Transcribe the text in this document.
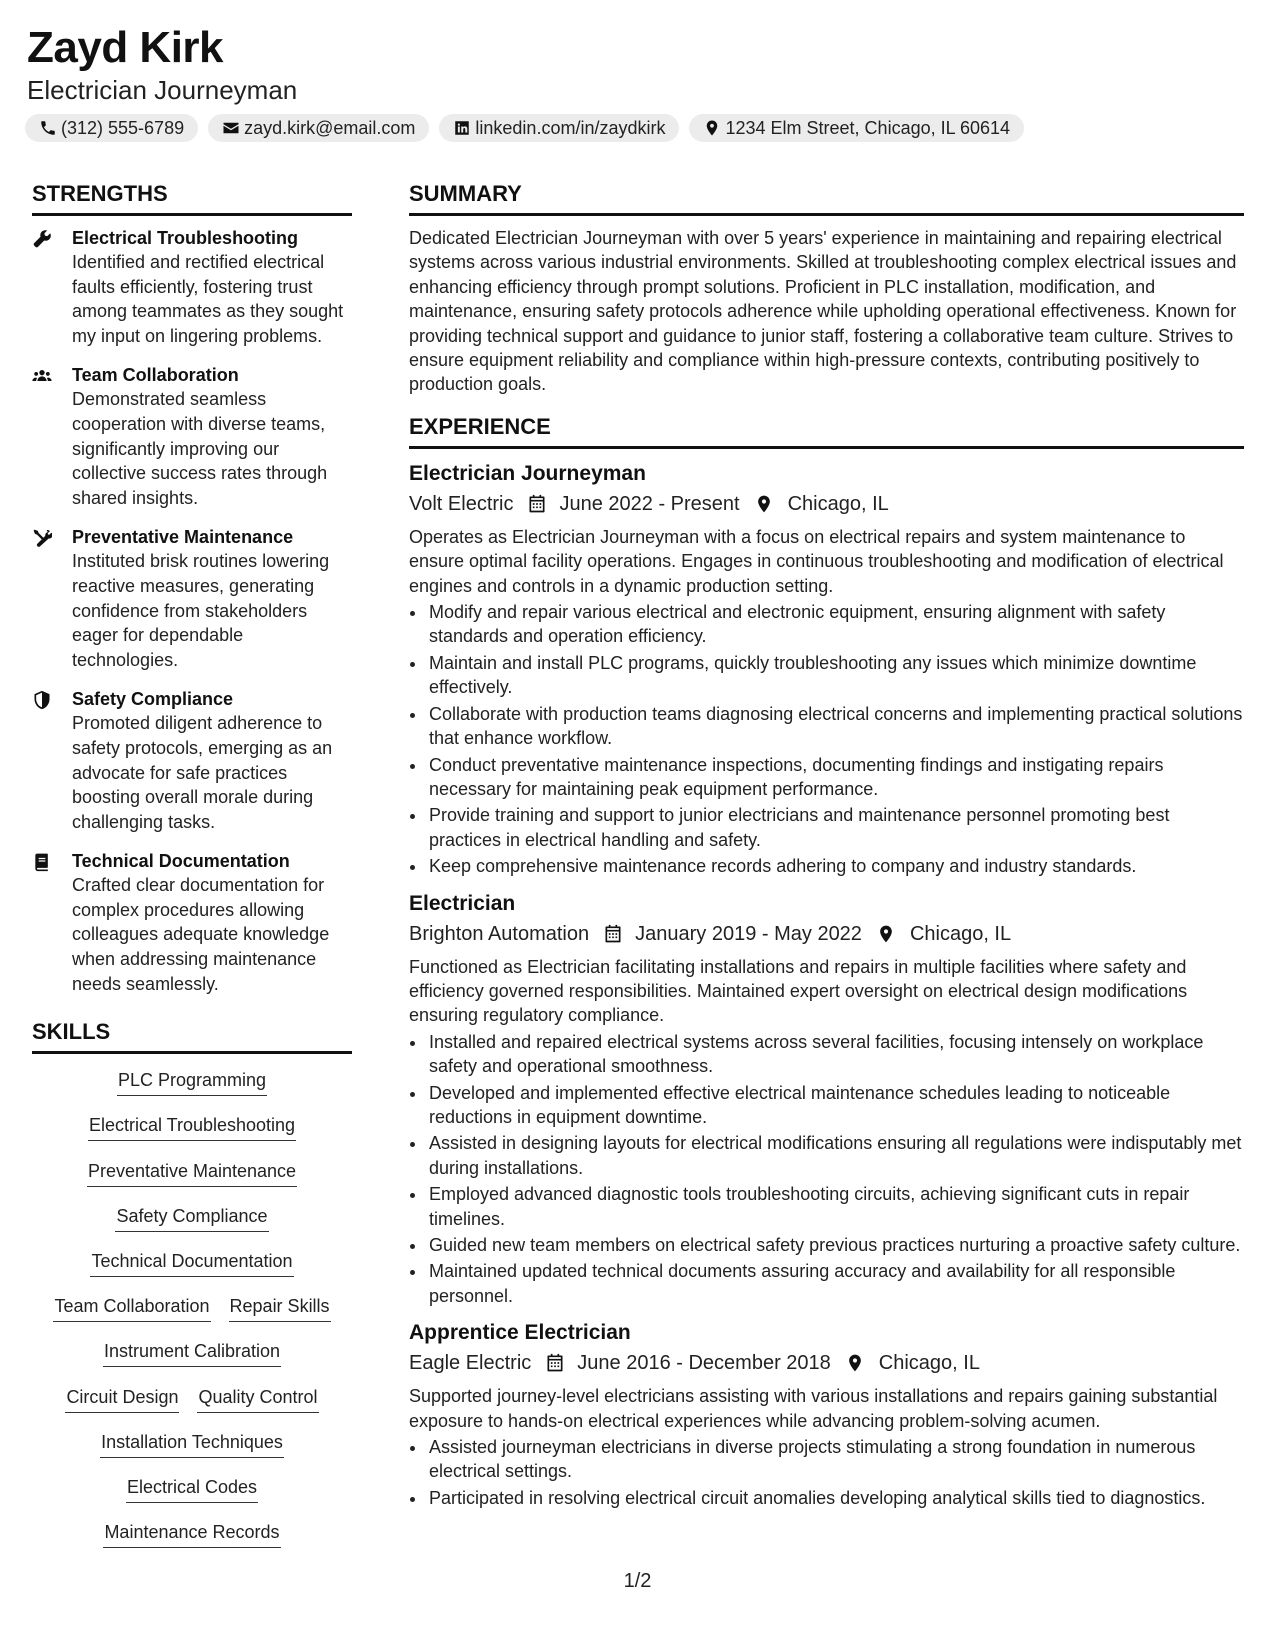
Zayd Kirk
Electrician Journeyman
(312) 555-6789	zayd.kirk@email.com	linkedin.com/in/zaydkirk	1234 Elm Street, Chicago, IL 60614
STRENGTHS
Electrical Troubleshooting
Identified and rectified electrical faults efficiently, fostering trust among teammates as they sought my input on lingering problems.
Team Collaboration
Demonstrated seamless cooperation with diverse teams, significantly improving our collective success rates through shared insights.
Preventative Maintenance
Instituted brisk routines lowering reactive measures, generating confidence from stakeholders eager for dependable technologies.
Safety Compliance
Promoted diligent adherence to safety protocols, emerging as an advocate for safe practices boosting overall morale during challenging tasks.
Technical Documentation
Crafted clear documentation for complex procedures allowing colleagues adequate knowledge when addressing maintenance needs seamlessly.
SKILLS
PLC Programming
Electrical Troubleshooting
Preventative Maintenance
Safety Compliance
Technical Documentation
Team Collaboration Repair Skills
Instrument Calibration
Circuit Design Quality Control
Installation Techniques
Electrical Codes
Maintenance Records
SUMMARY
Dedicated Electrician Journeyman with over 5 years' experience in maintaining and repairing electrical systems across various industrial environments. Skilled at troubleshooting complex electrical issues and enhancing efficiency through prompt solutions. Proficient in PLC installation, modification, and maintenance, ensuring safety protocols adherence while upholding operational effectiveness. Known for providing technical support and guidance to junior staff, fostering a collaborative team culture. Strives to ensure equipment reliability and compliance within high-pressure contexts, contributing positively to production goals.
EXPERIENCE
Electrician Journeyman
Volt Electric June 2022 - Present Chicago, IL
Operates as Electrician Journeyman with a focus on electrical repairs and system maintenance to ensure optimal facility operations. Engages in continuous troubleshooting and modification of electrical engines and controls in a dynamic production setting.
• Modify and repair various electrical and electronic equipment, ensuring alignment with safety standards and operation efficiency.
• Maintain and install PLC programs, quickly troubleshooting any issues which minimize downtime effectively.
• Collaborate with production teams diagnosing electrical concerns and implementing practical solutions that enhance workflow.
• Conduct preventative maintenance inspections, documenting findings and instigating repairs necessary for maintaining peak equipment performance.
• Provide training and support to junior electricians and maintenance personnel promoting best practices in electrical handling and safety.
• Keep comprehensive maintenance records adhering to company and industry standards.
Electrician
Brighton Automation January 2019 - May 2022 Chicago, IL
Functioned as Electrician facilitating installations and repairs in multiple facilities where safety and efficiency governed responsibilities. Maintained expert oversight on electrical design modifications ensuring regulatory compliance.
• Installed and repaired electrical systems across several facilities, focusing intensely on workplace safety and operational smoothness.
• Developed and implemented effective electrical maintenance schedules leading to noticeable reductions in equipment downtime.
• Assisted in designing layouts for electrical modifications ensuring all regulations were indisputably met during installations.
• Employed advanced diagnostic tools troubleshooting circuits, achieving significant cuts in repair timelines.
• Guided new team members on electrical safety previous practices nurturing a proactive safety culture.
• Maintained updated technical documents assuring accuracy and availability for all responsible personnel.
Apprentice Electrician
Eagle Electric June 2016 - December 2018 Chicago, IL
Supported journey-level electricians assisting with various installations and repairs gaining substantial exposure to hands-on electrical experiences while advancing problem-solving acumen.
• Assisted journeyman electricians in diverse projects stimulating a strong foundation in numerous electrical settings.
• Participated in resolving electrical circuit anomalies developing analytical skills tied to diagnostics.
1/2
